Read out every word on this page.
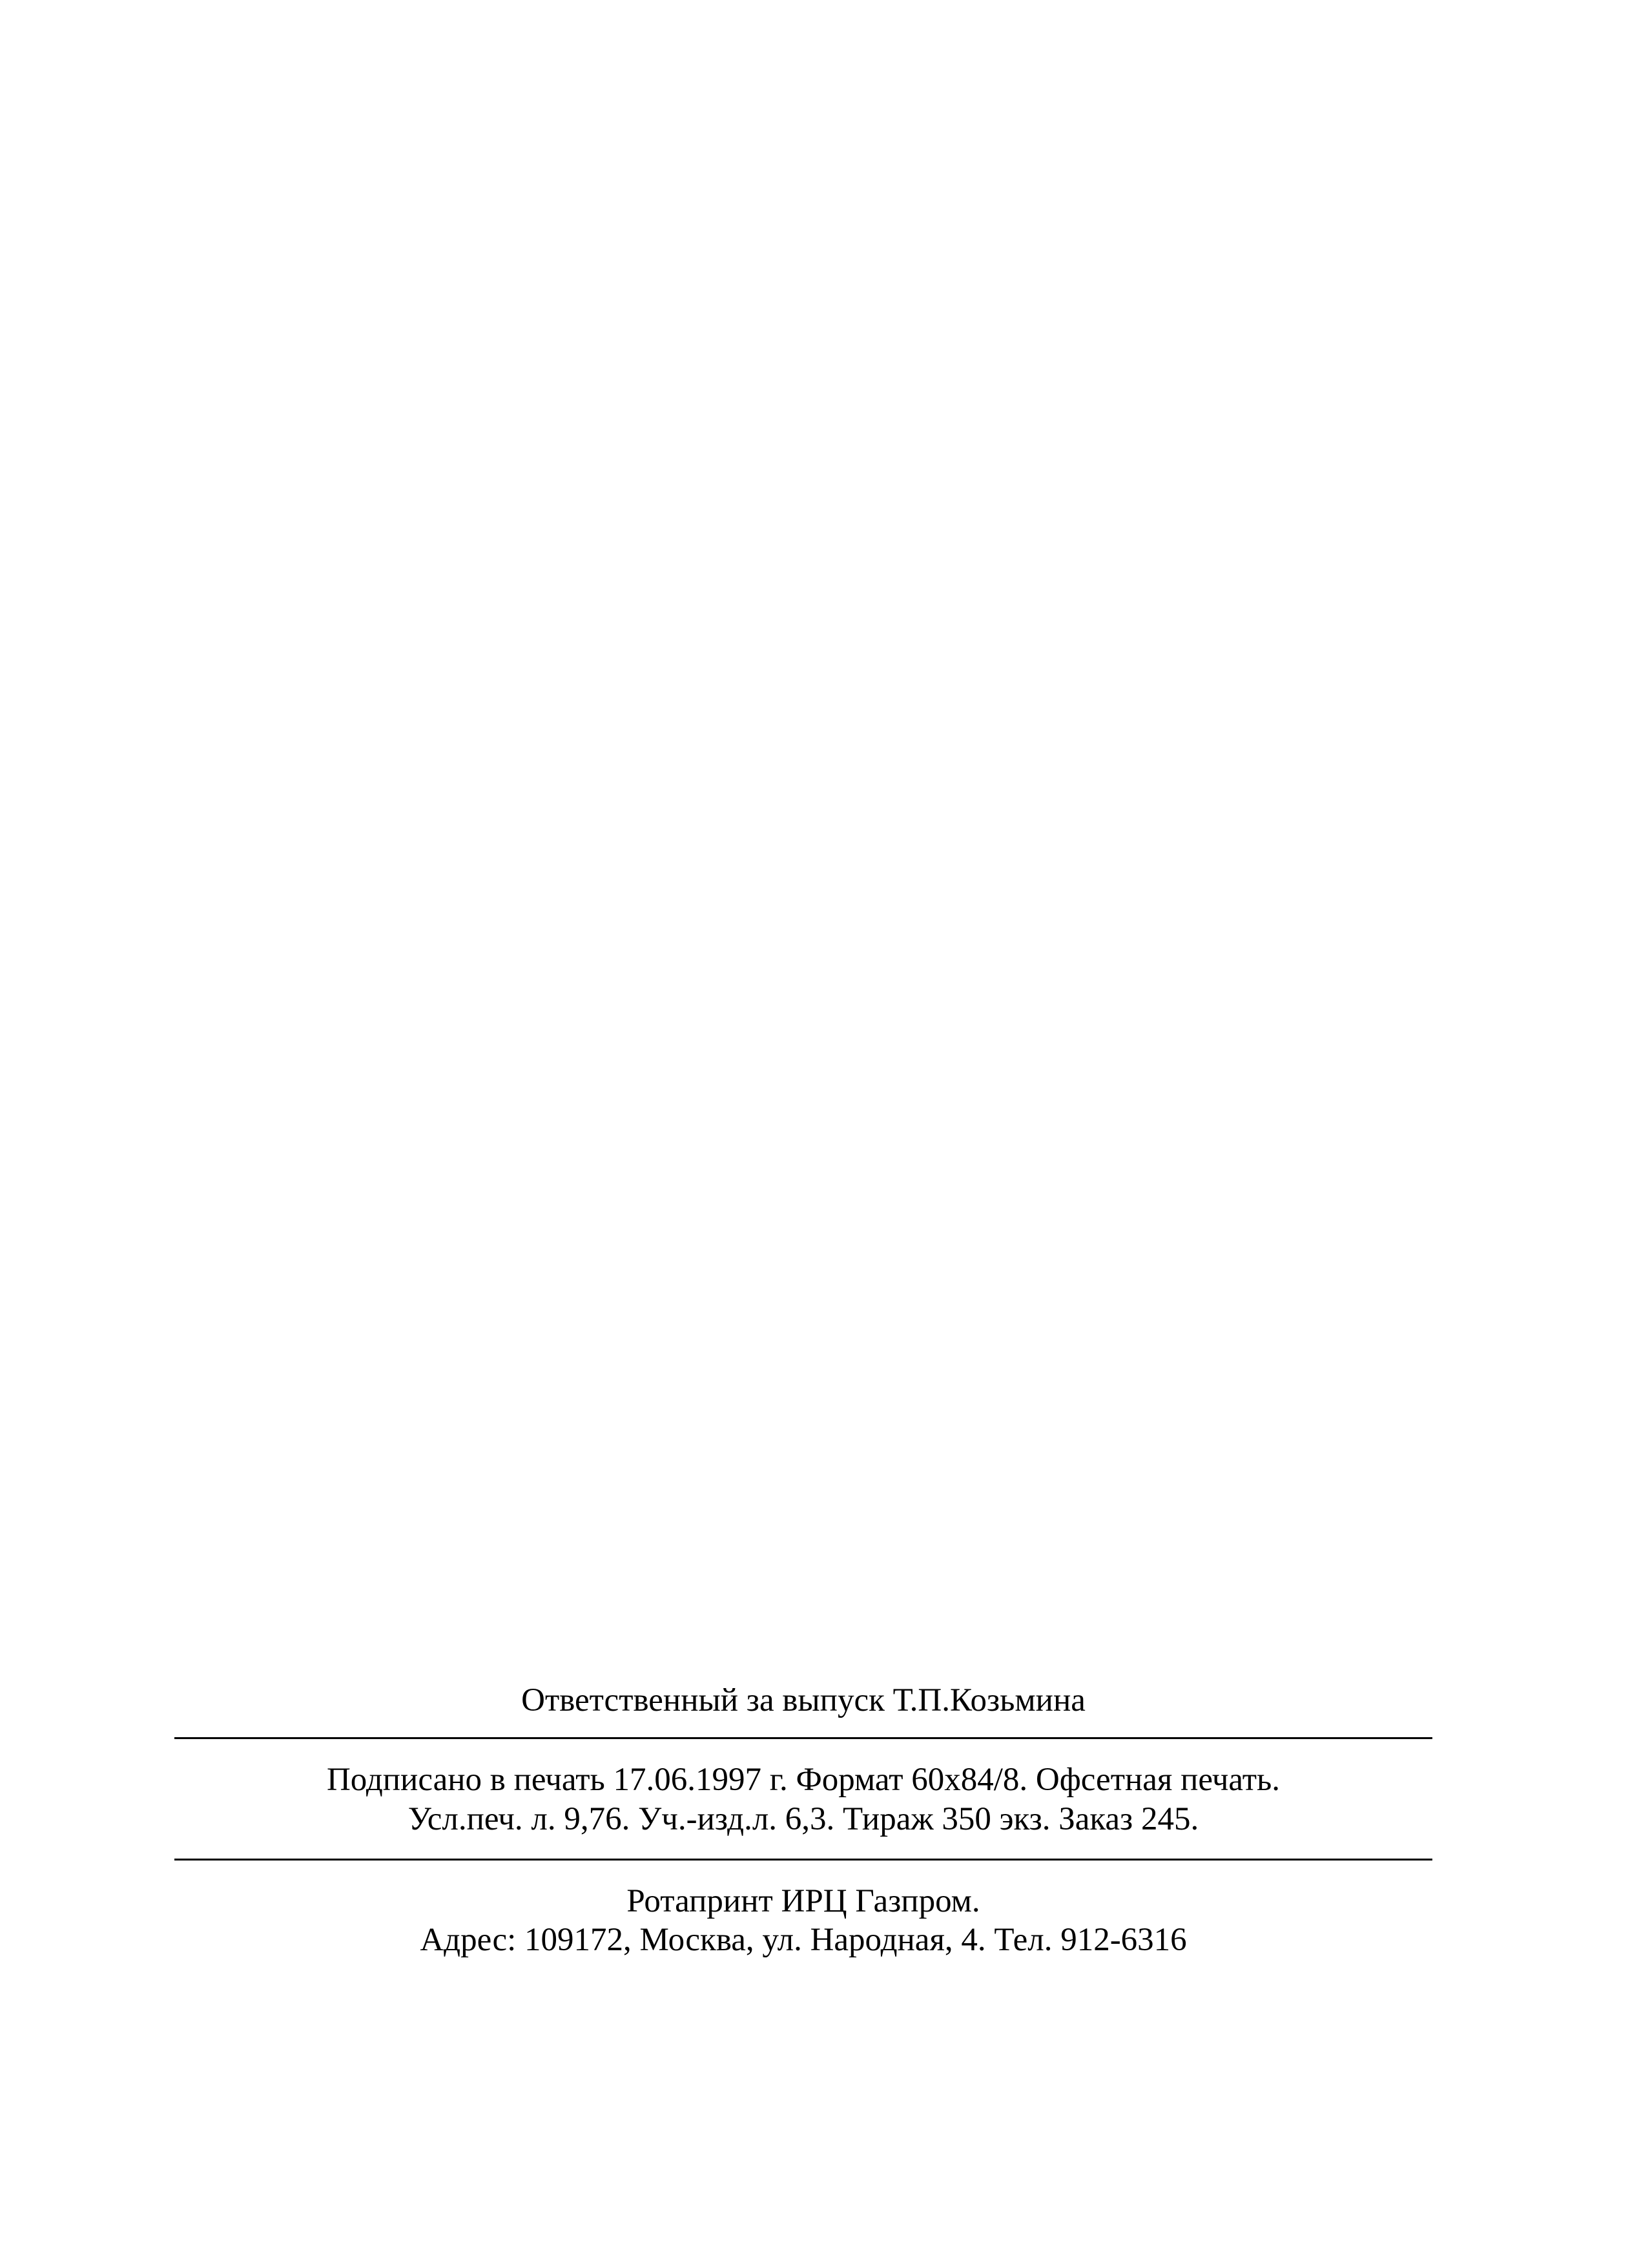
Ответственный за выпуск Т.П.Козьмина
Подписано в печать 17.06.1997 г. Формат 60х84/8. Офсетная печать.
Усл.печ. л. 9,76. Уч.-изд.л. 6,3. Тираж 350 экз. Заказ 245.
Ротапринт ИРЦ Газпром.
Адрес: 109172, Москва, ул. Народная, 4. Тел. 912-6316
